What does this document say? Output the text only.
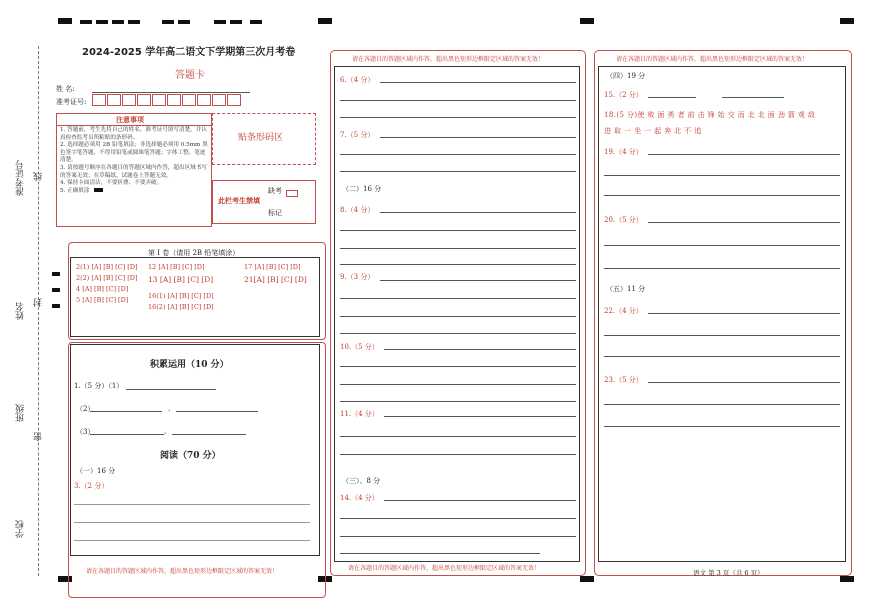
准考证号 线
姓名 封
班级
密
学校
2024-2025 学年高二语文下学期第三次月考卷
答题卡
姓 名:
准考证号:
注意事项
1. 答题前，考生先将自己的姓名、准考证号填写清楚，并认真检查监考员所粘贴的条形码。
2. 选择题必须用 2B 铅笔填涂；非选择题必须用 0.5mm 黑色签字笔答题，不得用铅笔或圆珠笔答题；字体工整、笔迹清楚。
3. 请按题号顺序在各题目的答题区域内作答，超出区域书写的答案无效；在草稿纸、试题卷上答题无效。
4. 保持卡面清洁，不要折叠、不要弄破。
5. 正确填涂
贴条形码区
此栏考生禁填
缺考
标记
第 I 卷（请用 2B 铅笔填涂）
2(1) [A] [B] [C] [D]
2(2) [A] [B] [C] [D]
4 [A] [B] [C] [D]
5 [A] [B] [C] [D]
12 [A] [B] [C] [D]
13 [A] [B] [C] [D]
16(1) [A] [B] [C] [D]
16(2) [A] [B] [C] [D]
17 [A] [B] [C] [D]
21[A] [B] [C] [D]
积累运用（10 分）
1.（5 分）（1）
（2）	，
（3）	，
阅读（70 分）
（一）16 分
3.（2 分）
请在各题目的答题区域内作答，超出黑色矩形边框限定区域的答案无效！
请在各题目的答题区域内作答，超出黑色矩形边框限定区域的答案无效！
6.（4 分）
7.（5 分）
（二）16 分
8.（4 分）
9.（3 分）
10.（5 分）
11.（4 分）
（三）、8 分
14.（4 分）
请在各题目的答题区域内作答，超出黑色矩形边框限定区域的答案无效！
请在各题目的答题区域内作答，超出黑色矩形边框限定区域的答案无效！
（四）19 分
15.（2 分）
18.(5 分)使 败 面 勇 者 前 击 锋 始 交 而 北 北 面 劲 箭 观 敌
进 取 一 坐 一 起 奔 北 不 追
19.（4 分）
20.（5 分）
（五）11 分
22.（4 分）
23.（5 分）
语文 第 3 页（共 6 页）
